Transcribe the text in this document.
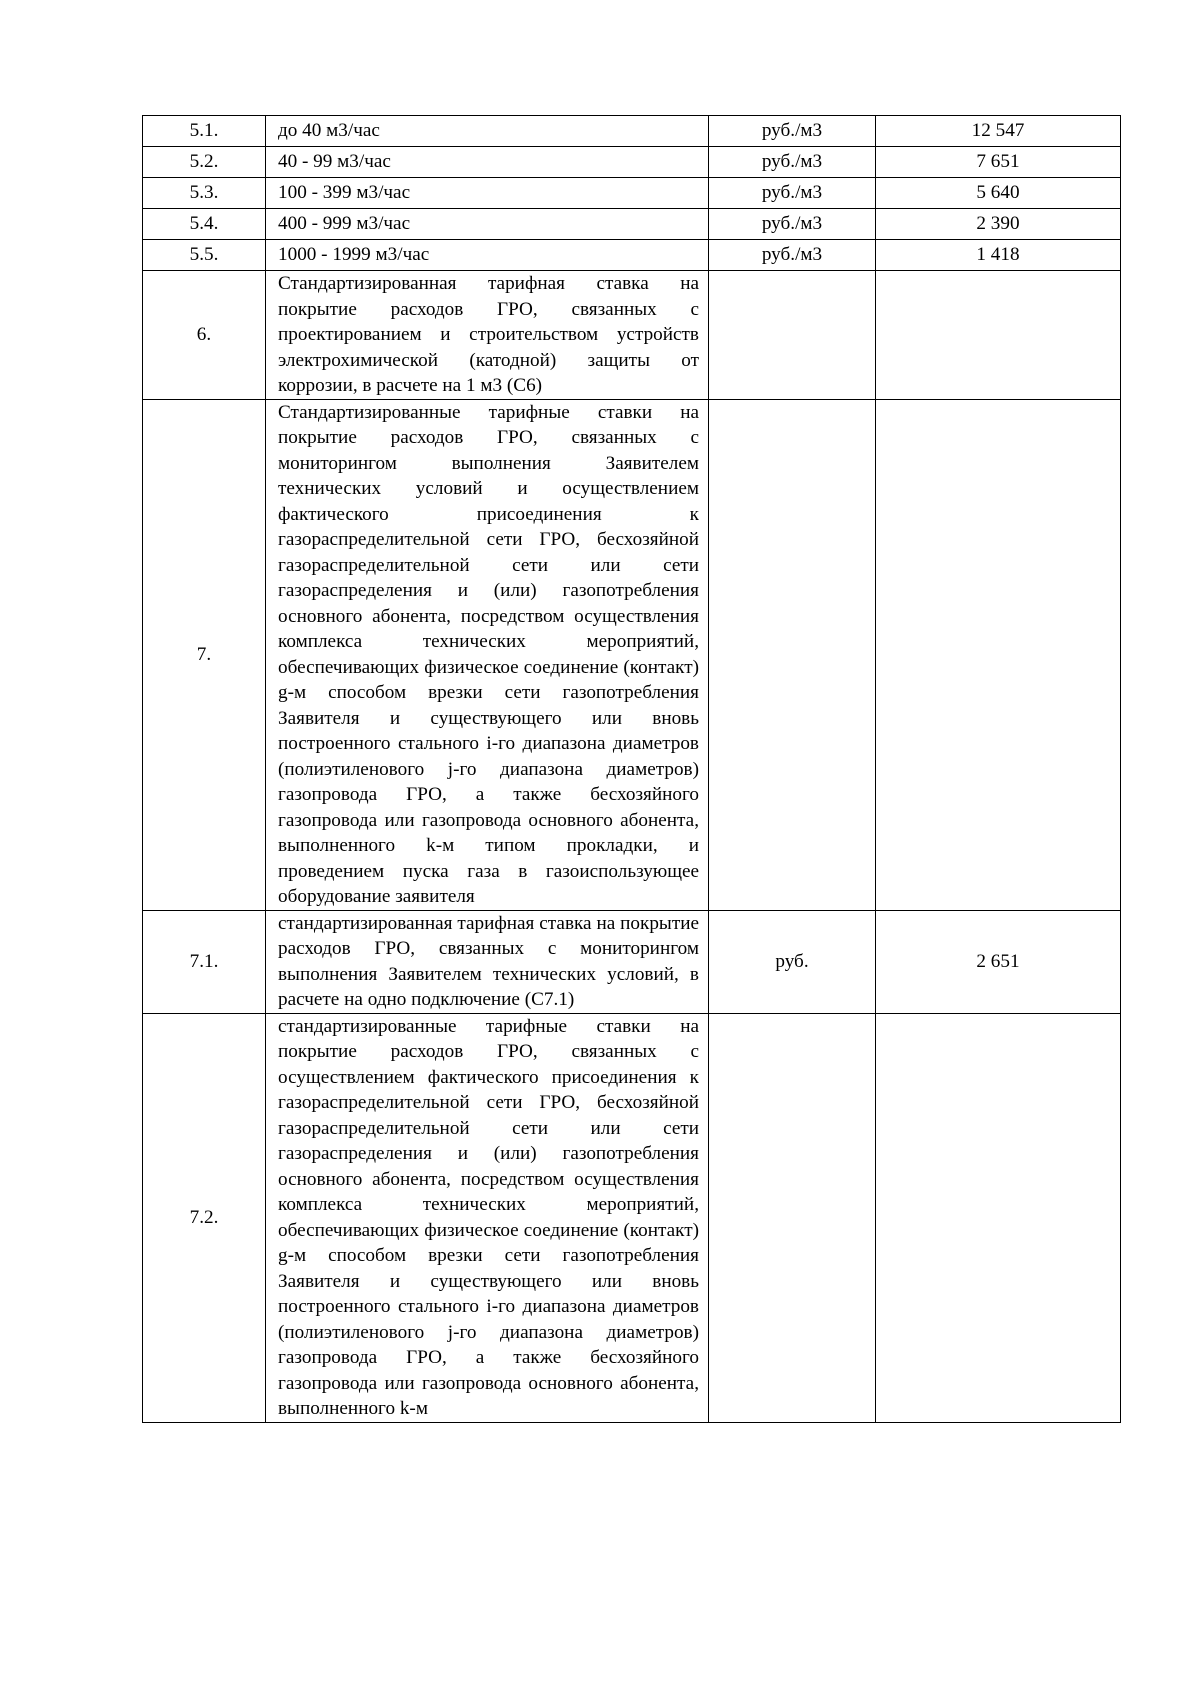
5.1.	до 40 м3/час	руб./м3	12 547
5.2.	40 - 99 м3/час	руб./м3	7 651
5.3.	100 - 399 м3/час	руб./м3	5 640
5.4.	400 - 999 м3/час	руб./м3	2 390
5.5.	1000 - 1999 м3/час	руб./м3	1 418
6.	Стандартизированная тарифная ставка на покрытие расходов ГРО, связанных с проектированием и строительством устройств электрохимической (катодной) защиты от коррозии, в расчете на 1 м3 (С6)		
7.	Стандартизированные тарифные ставки на покрытие расходов ГРО, связанных с мониторингом выполнения Заявителем технических условий и осуществлением фактического присоединения к газораспределительной сети ГРО, бесхозяйной газораспределительной сети или сети газораспределения и (или) газопотребления основного абонента, посредством осуществления комплекса технических мероприятий, обеспечивающих физическое соединение (контакт) g-м способом врезки сети газопотребления Заявителя и существующего или вновь построенного стального i-го диапазона диаметров (полиэтиленового j-го диапазона диаметров) газопровода ГРО, а также бесхозяйного газопровода или газопровода основного абонента, выполненного k-м типом прокладки, и проведением пуска газа в газоиспользующее оборудование заявителя		
7.1.	стандартизированная тарифная ставка на покрытие расходов ГРО, связанных с мониторингом выполнения Заявителем технических условий, в расчете на одно подключение (С7.1)	руб.	2 651
7.2.	стандартизированные тарифные ставки на покрытие расходов ГРО, связанных с осуществлением фактического присоединения к газораспределительной сети ГРО, бесхозяйной газораспределительной сети или сети газораспределения и (или) газопотребления основного абонента, посредством осуществления комплекса технических мероприятий, обеспечивающих физическое соединение (контакт) g-м способом врезки сети газопотребления Заявителя и существующего или вновь построенного стального i-го диапазона диаметров (полиэтиленового j-го диапазона диаметров) газопровода ГРО, а также бесхозяйного газопровода или газопровода основного абонента, выполненного k-м		
